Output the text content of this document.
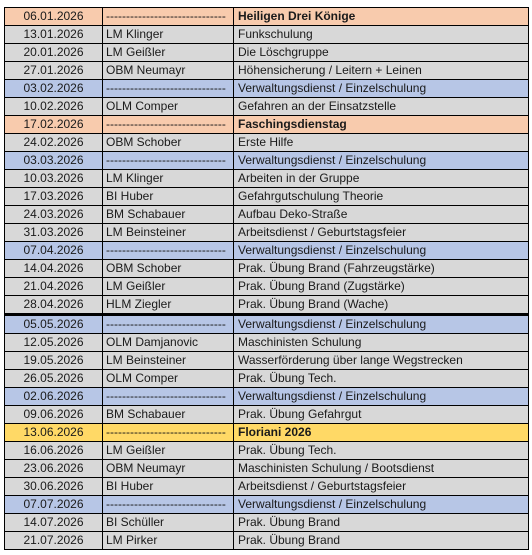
06.01.2026	------------------------------	Heiligen Drei Könige
13.01.2026	LM Klinger	Funkschulung
20.01.2026	LM Geißler	Die Löschgruppe
27.01.2026	OBM Neumayr	Höhensicherung / Leitern + Leinen
03.02.2026	------------------------------	Verwaltungsdienst / Einzelschulung
10.02.2026	OLM Comper	Gefahren an der Einsatzstelle
17.02.2026	------------------------------	Faschingsdienstag
24.02.2026	OBM Schober	Erste Hilfe
03.03.2026	------------------------------	Verwaltungsdienst / Einzelschulung
10.03.2026	LM Klinger	Arbeiten in der Gruppe
17.03.2026	BI Huber	Gefahrgutschulung Theorie
24.03.2026	BM Schabauer	Aufbau Deko-Straße
31.03.2026	LM Beinsteiner	Arbeitsdienst / Geburtstagsfeier
07.04.2026	------------------------------	Verwaltungsdienst / Einzelschulung
14.04.2026	OBM Schober	Prak. Übung Brand (Fahrzeugstärke)
21.04.2026	LM Geißler	Prak. Übung Brand (Zugstärke)
28.04.2026	HLM Ziegler	Prak. Übung Brand (Wache)
05.05.2026	------------------------------	Verwaltungsdienst / Einzelschulung
12.05.2026	OLM Damjanovic	Maschinisten Schulung
19.05.2026	LM Beinsteiner	Wasserförderung über lange Wegstrecken
26.05.2026	OLM Comper	Prak. Übung Tech.
02.06.2026	------------------------------	Verwaltungsdienst / Einzelschulung
09.06.2026	BM Schabauer	Prak. Übung Gefahrgut
13.06.2026	------------------------------	Floriani 2026
16.06.2026	LM Geißler	Prak. Übung Tech.
23.06.2026	OBM Neumayr	Maschinisten Schulung / Bootsdienst
30.06.2026	BI Huber	Arbeitsdienst / Geburtstagsfeier
07.07.2026	------------------------------	Verwaltungsdienst / Einzelschulung
14.07.2026	BI Schüller	Prak. Übung Brand
21.07.2026	LM Pirker	Prak. Übung Brand
